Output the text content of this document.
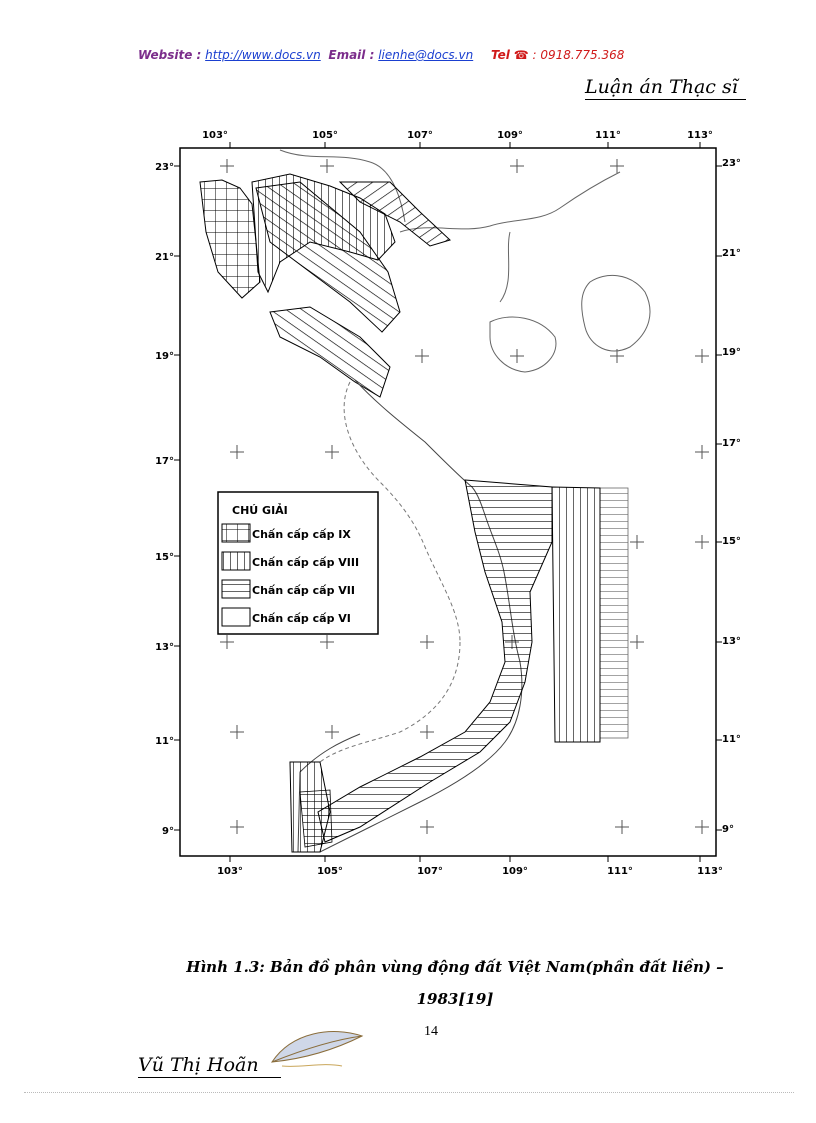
Website : http://www.docs.vn Email : lienhe@docs.vn Tel ☎ : 0918.775.368
Luận án Thạc sĩ
103°	105°	107°	109°	111°	113°
103°	105°	107°	109°	111°	113°
23°
21°
19°
17°
15°
13°
11°
9°
23°
21°
19°
17°
15°
13°
11°
9°
CHÚ GIẢI
Chấn cấp cấp IX
Chấn cấp cấp VIII
Chấn cấp cấp VII
Chấn cấp cấp VI
Hình 1.3: Bản đồ phân vùng động đất Việt Nam(phần đất liền) –
1983[19]
14
Vũ Thị Hoãn
